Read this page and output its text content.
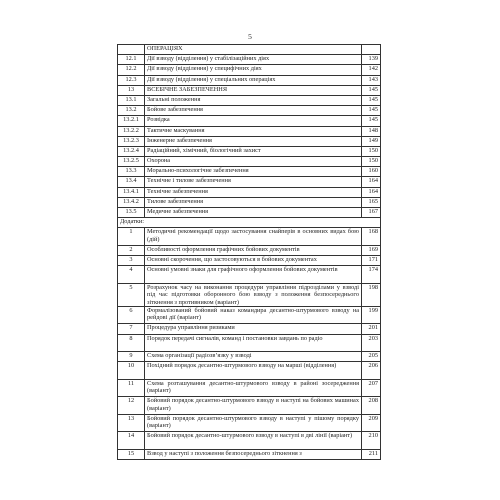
5
	ОПЕРАЦІЯХ	
12.1	Дії взводу (відділення) у стабілізаційних діях	139
12.2	Дії взводу (відділення) у специфічних діях	142
12.3	Дії взводу (відділення) у спеціальних операціях	143
13	ВСЕБІЧНЕ ЗАБЕЗПЕЧЕННЯ	145
13.1	Загальні положення	145
13.2	Бойове забезпечення	145
13.2.1	Розвідка	145
13.2.2	Тактичне маскування	148
13.2.3	Інженерне забезпечення	149
13.2.4	Радіаційний, хімічний, біологічний захист	150
13.2.5	Охорона	150
13.3	Морально-психологічне забезпечення	160
13.4	Технічне і тилове забезпечення	164
13.4.1	Технічне забезпечення	164
13.4.2	Тилове забезпечення	165
13.5	Медичне забезпечення	167
Додатки:		
1	Методичні рекомендації щодо застосування снайперів в основних видах бою (дій)	168
2	Особливості оформлення графічних бойових документів	169
3	Основні скорочення, що застосовуються в бойових документах	171
4	Основні умовні знаки для графічного оформлення бойових документів	174
5	Розрахунок часу на виконання процедури управління підрозділами у взводі під час підготовки оборонного бою взводу з положення безпосереднього зіткнення з противником (варіант)	198
6	Формалізований бойовий наказ командира десантно-штурмового взводу на рейдові дії (варіант)	199
7	Процедура управління ризиками	201
8	Порядок передачі сигналів, команд і постановки завдань по радіо	203
9	Схема організації радіозв’язку у взводі	205
10	Похідний порядок десантно-штурмового взводу на марші (відділення)	206
11	Схема розташування десантно-штурмового взводу в районі зосередження (варіант)	207
12	Бойовий порядок десантно-штурмового взводу в наступі на бойових машинах (варіант)	208
13	Бойовий порядок десантно-штурмового взводу в наступі у пішому порядку (варіант)	209
14	Бойовий порядок десантно-штурмового взводу в наступі в дві лінії (варіант)	210
15	Взвод у наступі з положення безпосереднього зіткнення з	211
